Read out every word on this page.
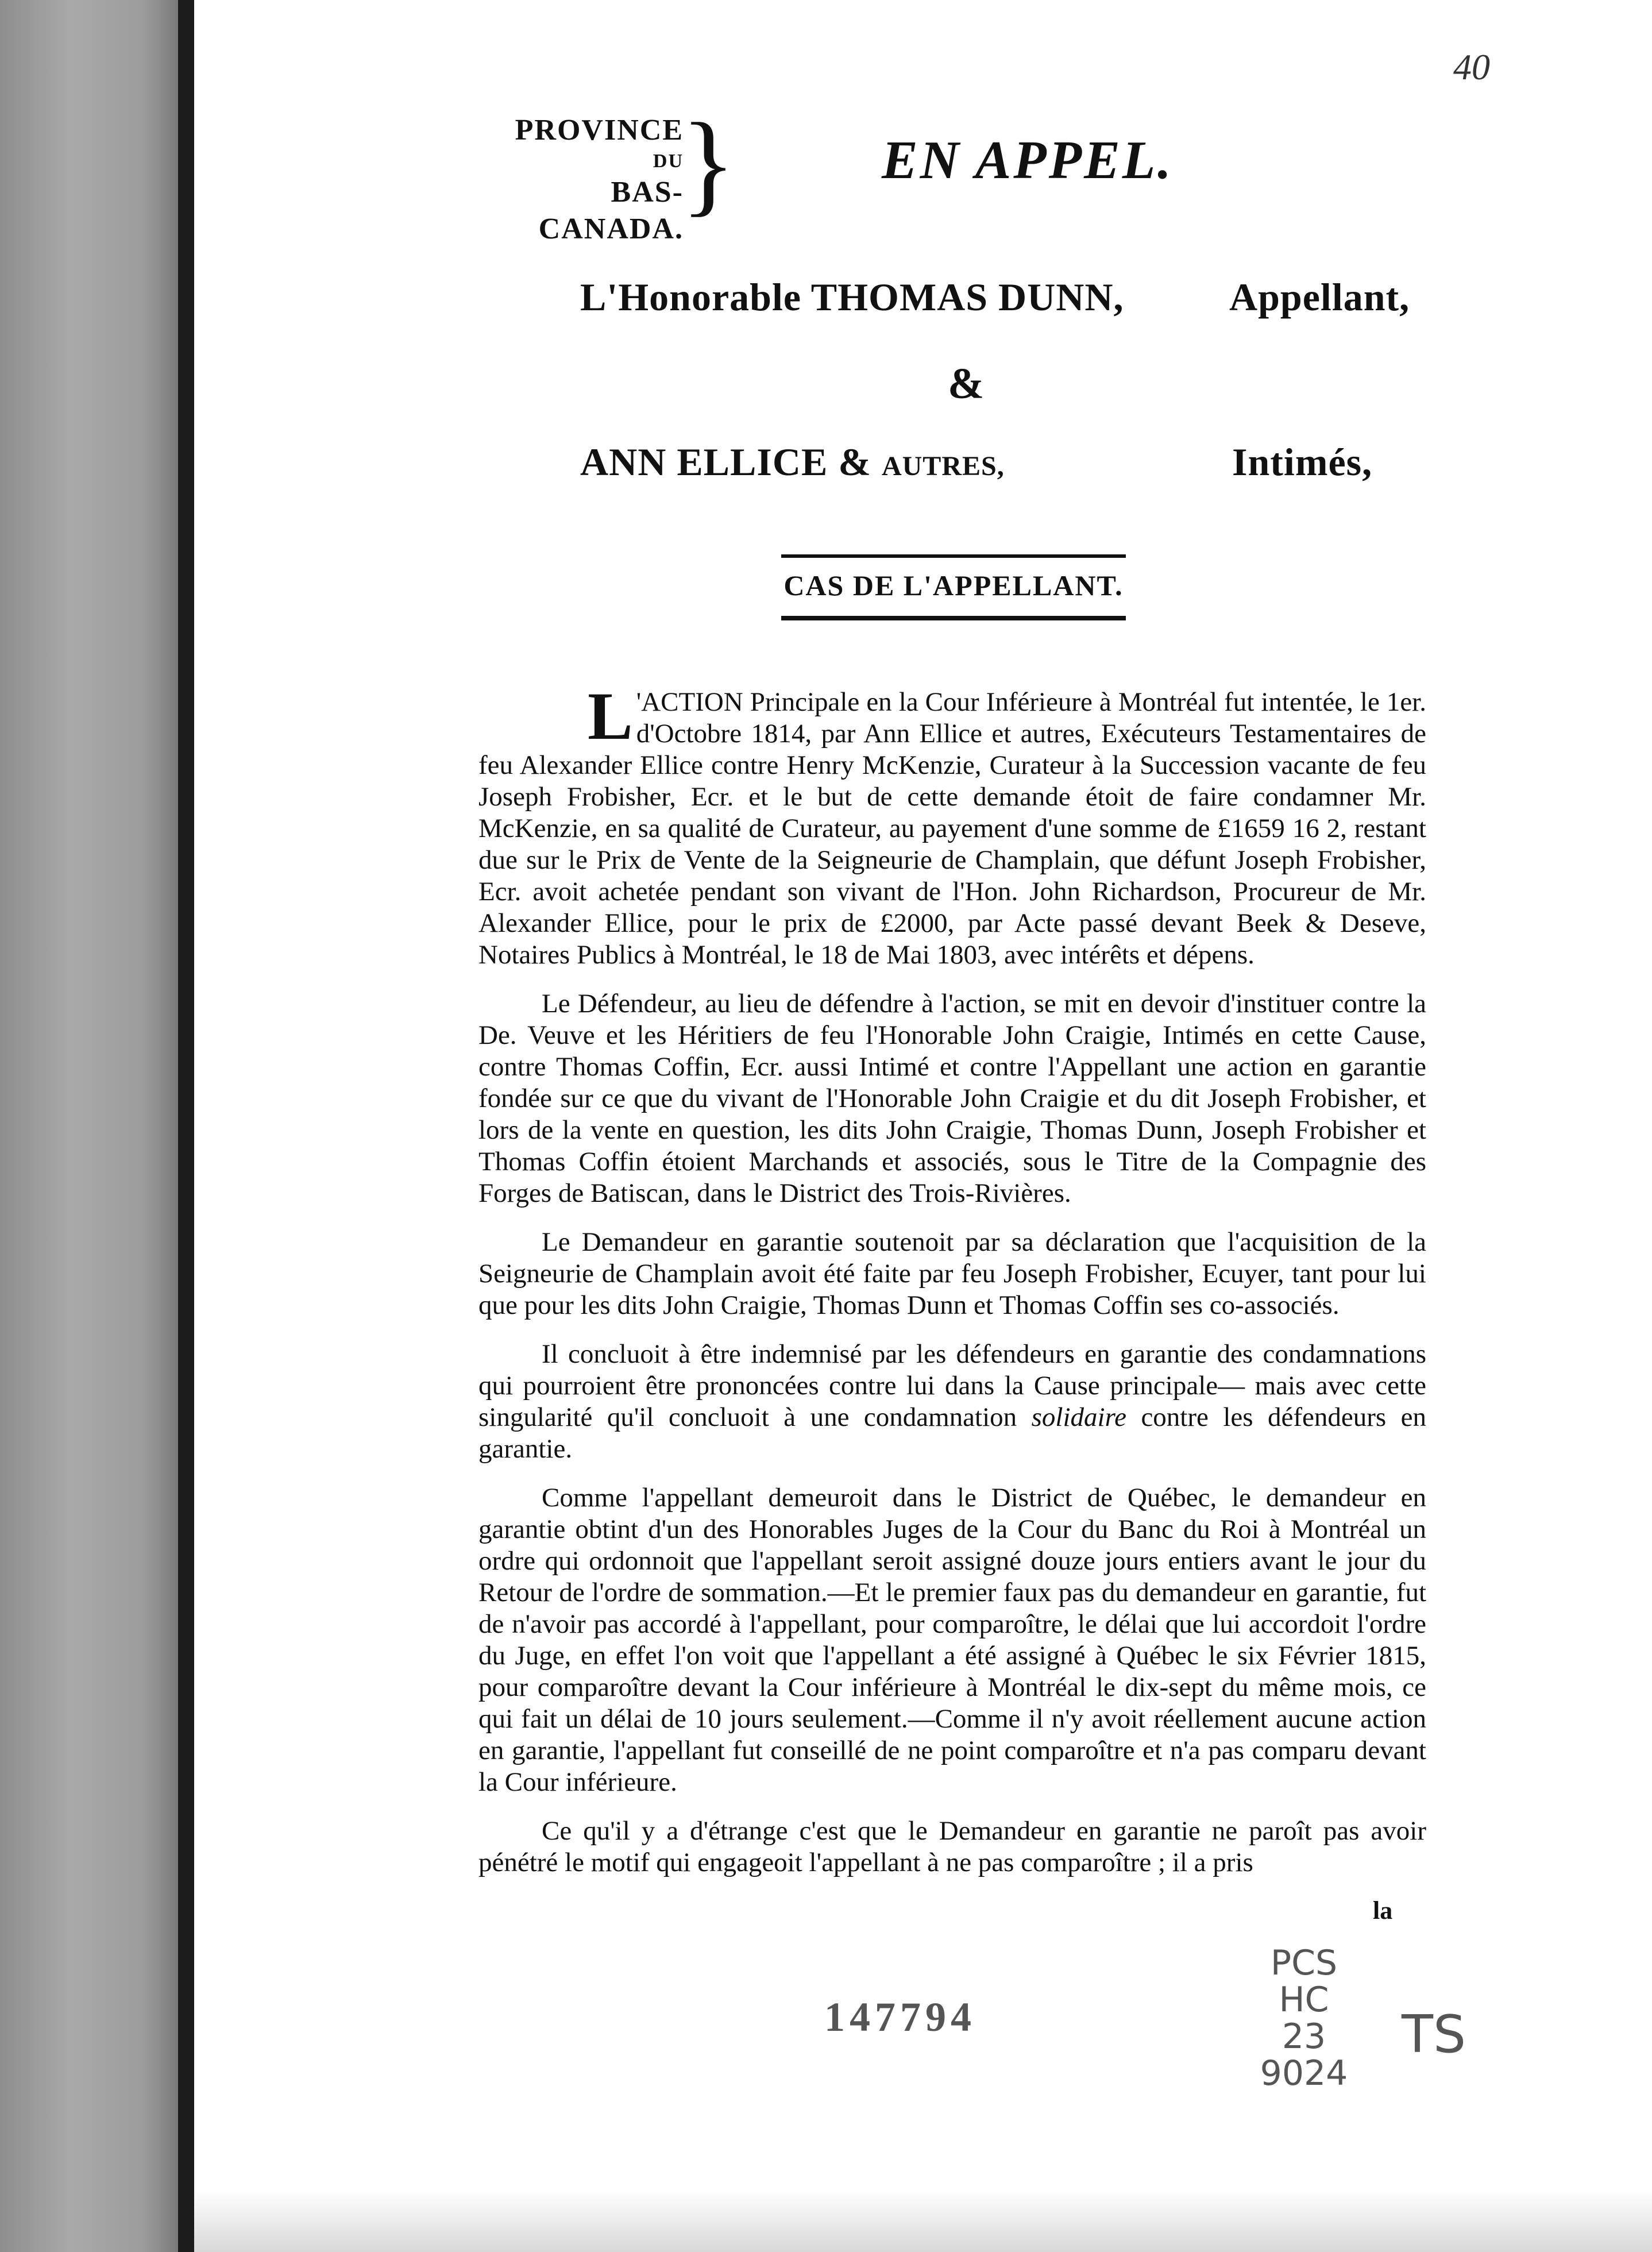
40
PROVINCE
DU
BAS-CANADA.
}	EN APPEL.
L'Honorable THOMAS DUNN,	Appellant,
&
ANN ELLICE & AUTRES,	Intimés,
CAS DE L'APPELLANT.

L 'ACTION Principale en la Cour Inférieure à Montréal fut intentée, le 1er. d'Octobre 1814, par Ann Ellice et autres, Exécuteurs Testamentaires de feu Alexander Ellice contre Henry McKenzie, Curateur à la Succession vacante de feu Joseph Frobisher, Ecr. et le but de cette demande étoit de faire condamner Mr. McKenzie, en sa qualité de Curateur, au payement d'une somme de £1659 16 2, restant due sur le Prix de Vente de la Seigneurie de Champlain, que défunt Joseph Frobisher, Ecr. avoit achetée pendant son vivant de l'Hon. John Richardson, Procureur de Mr. Alexander Ellice, pour le prix de £2000, par Acte passé devant Beek & Deseve, Notaires Publics à Montréal, le 18 de Mai 1803, avec intérêts et dépens.

Le Défendeur, au lieu de défendre à l'action, se mit en devoir d'instituer contre la De. Veuve et les Héritiers de feu l'Honorable John Craigie, Intimés en cette Cause, contre Thomas Coffin, Ecr. aussi Intimé et contre l'Appellant une action en garantie fondée sur ce que du vivant de l'Honorable John Craigie et du dit Joseph Frobisher, et lors de la vente en question, les dits John Craigie, Thomas Dunn, Joseph Frobisher et Thomas Coffin étoient Marchands et associés, sous le Titre de la Compagnie des Forges de Batiscan, dans le District des Trois-Rivières.

Le Demandeur en garantie soutenoit par sa déclaration que l'acquisition de la Seigneurie de Champlain avoit été faite par feu Joseph Frobisher, Ecuyer, tant pour lui que pour les dits John Craigie, Thomas Dunn et Thomas Coffin ses co-associés.

Il concluoit à être indemnisé par les défendeurs en garantie des condamnations qui pourroient être prononcées contre lui dans la Cause principale— mais avec cette singularité qu'il concluoit à une condamnation solidaire contre les défendeurs en garantie.

Comme l'appellant demeuroit dans le District de Québec, le demandeur en garantie obtint d'un des Honorables Juges de la Cour du Banc du Roi à Montréal un ordre qui ordonnoit que l'appellant seroit assigné douze jours entiers avant le jour du Retour de l'ordre de sommation.—Et le premier faux pas du demandeur en garantie, fut de n'avoir pas accordé à l'appellant, pour comparoître, le délai que lui accordoit l'ordre du Juge, en effet l'on voit que l'appellant a été assigné à Québec le six Février 1815, pour comparoître devant la Cour inférieure à Montréal le dix-sept du même mois, ce qui fait un délai de 10 jours seulement.—Comme il n'y avoit réellement aucune action en garantie, l'appellant fut conseillé de ne point comparoître et n'a pas comparu devant la Cour inférieure.

Ce qu'il y a d'étrange c'est que le Demandeur en garantie ne paroît pas avoir pénétré le motif qui engageoit l'appellant à ne pas comparoître ; il a pris

la
147794
PCS
HC
23
9024
TS
